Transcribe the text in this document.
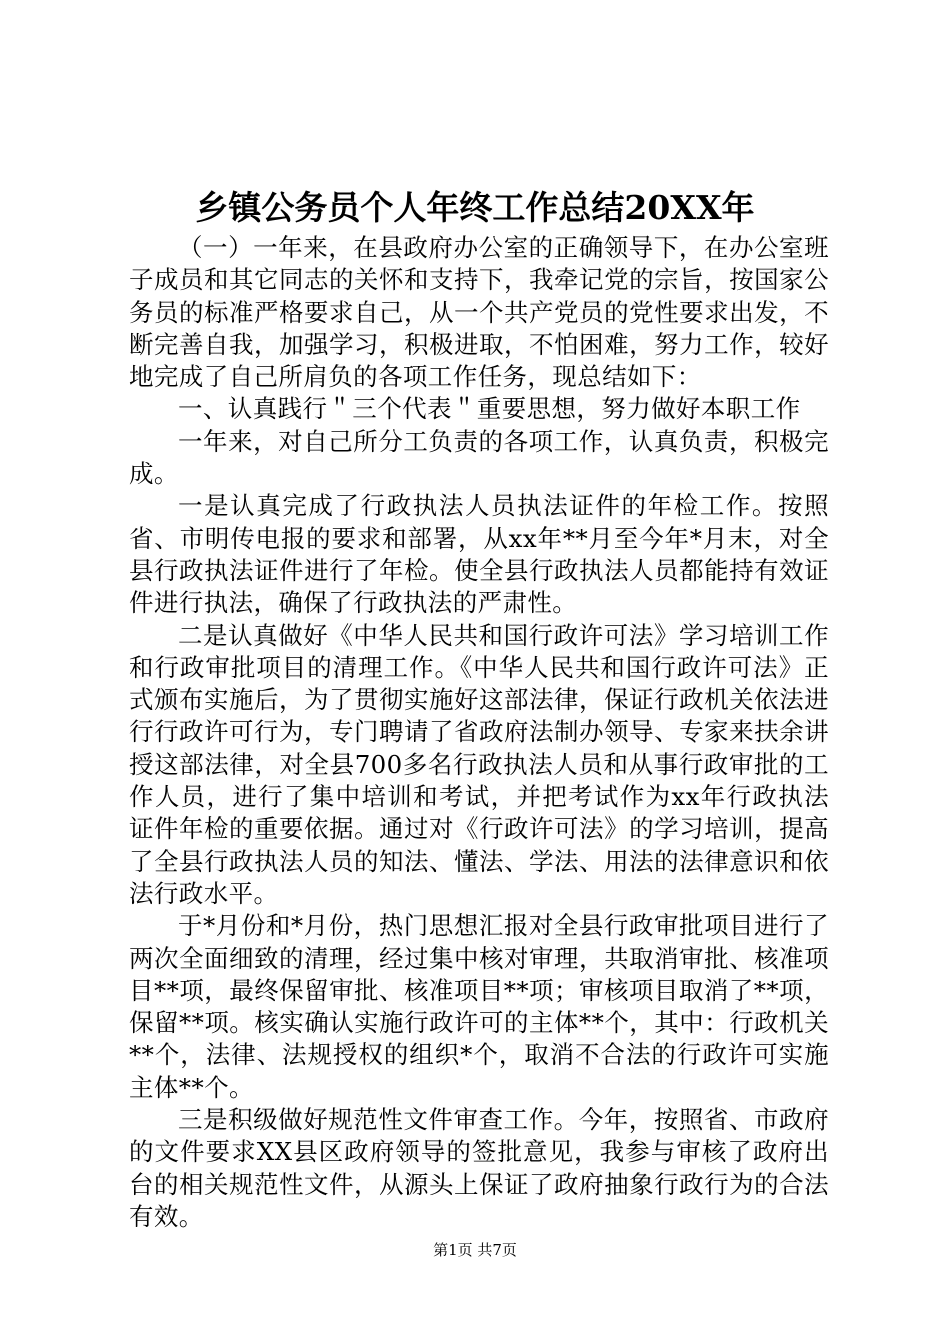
乡镇公务员个人年终工作总结20XX年

（一）一年来，在县政府办公室的正确领导下，在办公室班子成员和其它同志的关怀和支持下，我牵记党的宗旨，按国家公务员的标准严格要求自己，从一个共产党员的党性要求出发，不断完善自我，加强学习，积极进取，不怕困难，努力工作，较好地完成了自己所肩负的各项工作任务，现总结如下：

一、认真践行＂三个代表＂重要思想，努力做好本职工作

一年来，对自己所分工负责的各项工作，认真负责，积极完成。

一是认真完成了行政执法人员执法证件的年检工作。按照省、市明传电报的要求和部署，从xx年**月至今年*月末，对全县行政执法证件进行了年检。使全县行政执法人员都能持有效证件进行执法，确保了行政执法的严肃性。

二是认真做好《中华人民共和国行政许可法》学习培训工作和行政审批项目的清理工作。《中华人民共和国行政许可法》正式颁布实施后，为了贯彻实施好这部法律，保证行政机关依法进行行政许可行为，专门聘请了省政府法制办领导、专家来扶余讲授这部法律，对全县700多名行政执法人员和从事行政审批的工作人员，进行了集中培训和考试，并把考试作为xx年行政执法证件年检的重要依据。通过对《行政许可法》的学习培训，提高了全县行政执法人员的知法、懂法、学法、用法的法律意识和依法行政水平。

于*月份和*月份，热门思想汇报对全县行政审批项目进行了两次全面细致的清理，经过集中核对审理，共取消审批、核准项目**项，最终保留审批、核准项目**项；审核项目取消了**项，保留**项。核实确认实施行政许可的主体**个，其中：行政机关**个，法律、法规授权的组织*个，取消不合法的行政许可实施主体**个。

三是积级做好规范性文件审查工作。今年，按照省、市政府的文件要求XX县区政府领导的签批意见，我参与审核了政府出台的相关规范性文件，从源头上保证了政府抽象行政行为的合法有效。

第1页 共7页
